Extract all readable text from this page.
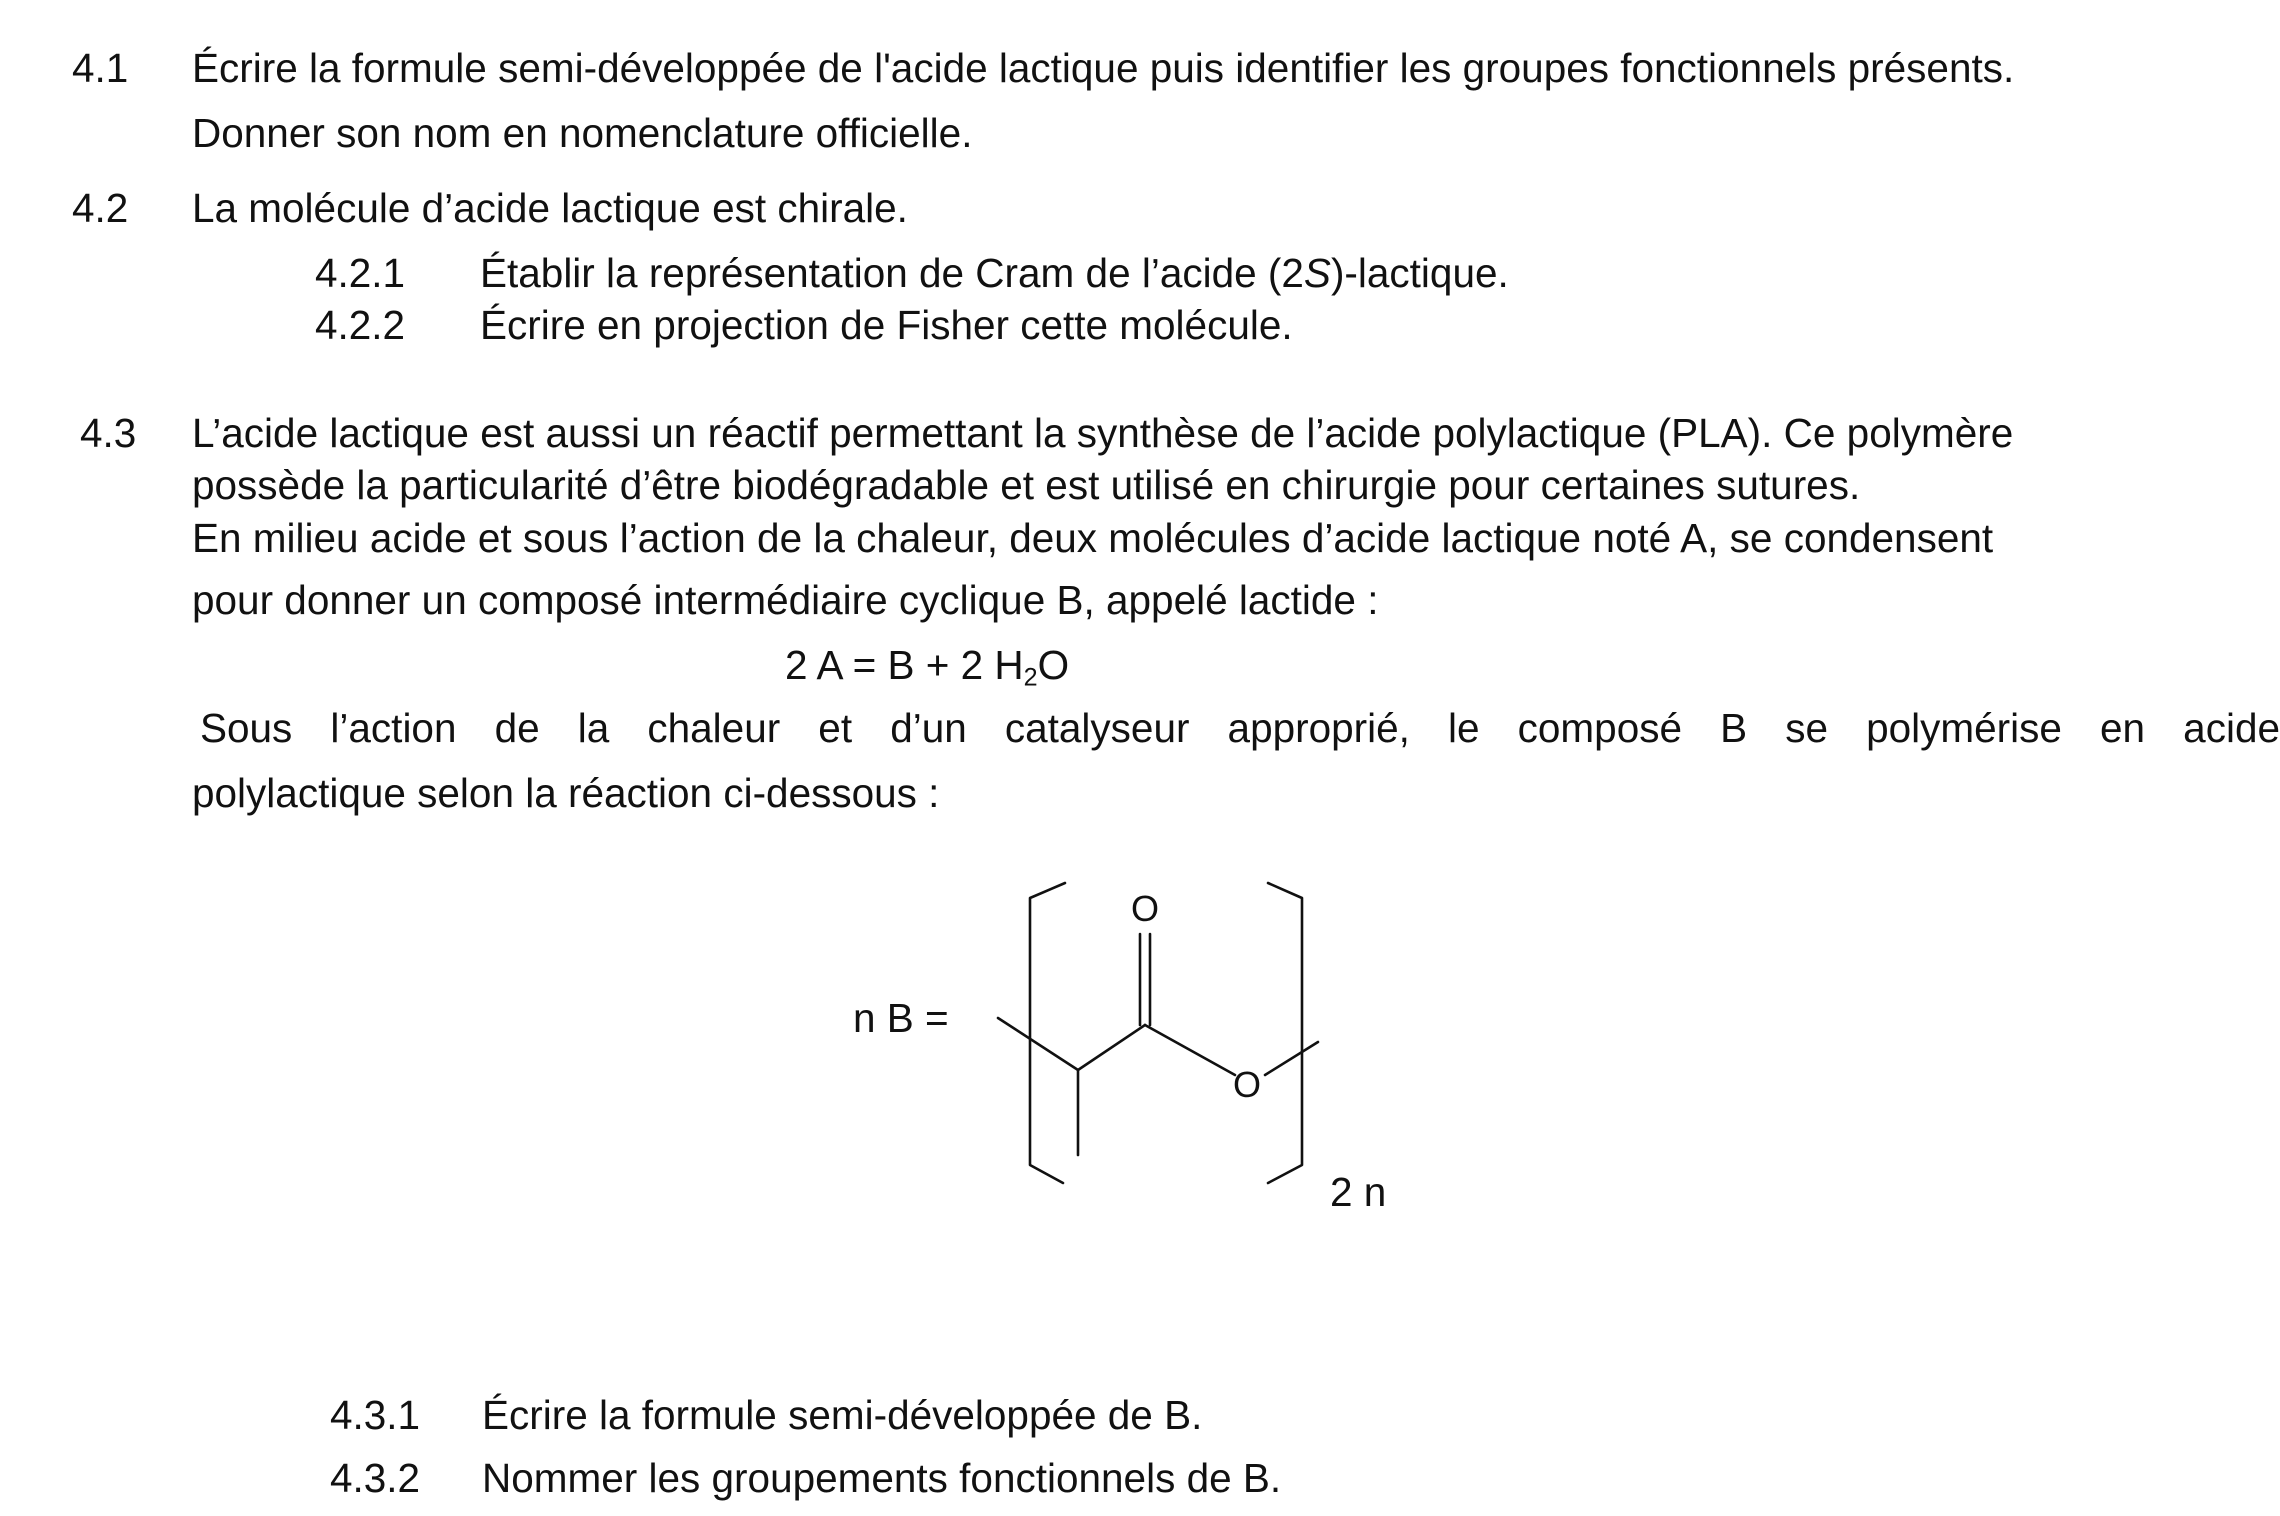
4.1 Écrire la formule semi-développée de l'acide lactique puis identifier les groupes fonctionnels présents.
Donner son nom en nomenclature officielle.
4.2 La molécule d’acide lactique est chirale.
4.2.1 Établir la représentation de Cram de l’acide (2S)-lactique.
4.2.2 Écrire en projection de Fisher cette molécule.
4.3 L’acide lactique est aussi un réactif permettant la synthèse de l’acide polylactique (PLA). Ce polymère
possède la particularité d’être biodégradable et est utilisé en chirurgie pour certaines sutures.
En milieu acide et sous l’action de la chaleur, deux molécules d’acide lactique noté A, se condensent
pour donner un composé intermédiaire cyclique B, appelé lactide :
2 A = B + 2 $H_2O$
Sous l’action de la chaleur et d’un catalyseur approprié, le composé B se polymérise en acide
polylactique selon la réaction ci-dessous :
n B =
O
O
2 n
4.3.1 Écrire la formule semi-développée de B.
4.3.2 Nommer les groupements fonctionnels de B.
